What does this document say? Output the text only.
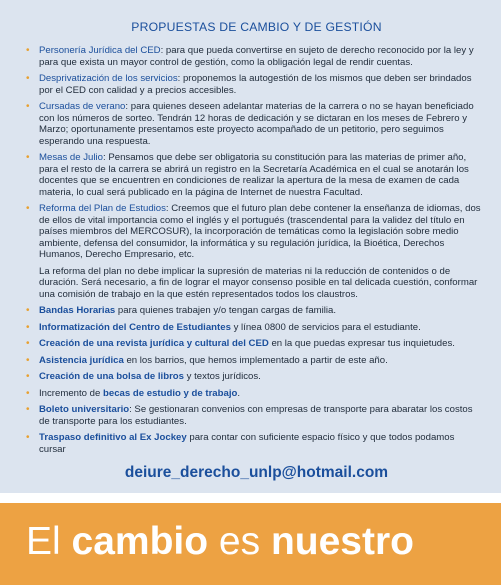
PROPUESTAS DE CAMBIO Y DE GESTIÓN
• Personería Jurídica del CED: para que pueda convertirse en sujeto de derecho reconocido por la ley y para que exista un mayor control de gestión, como la obligación legal de rendir cuentas.
• Desprivatización de los servicios: proponemos la autogestión de los mismos que deben ser brindados por el CED con calidad y a precios accesibles.
• Cursadas de verano: para quienes deseen adelantar materias de la carrera o no se hayan beneficiado con los números de sorteo. Tendrán 12 horas de dedicación y se dictaran en los meses de Febrero y Marzo; oportunamente presentamos este proyecto acompañado de un petitorio, pero seguimos esperando una respuesta.
• Mesas de Julio: Pensamos que debe ser obligatoria su constitución para las materias de primer año, para el resto de la carrera se abrirá un registro en la Secretaría Académica en el cual se anotarán los docentes que se encuentren en condiciones de realizar la apertura de la mesa de examen de cada materia, lo cual será publicado en la página de Internet de nuestra Facultad.
• Reforma del Plan de Estudios: Creemos que el futuro plan debe contener la enseñanza de idiomas, dos de ellos de vital importancia como el inglés y el portugués (trascendental para la validez del título en países miembros del MERCOSUR), la incorporación de temáticas como la legislación sobre medio ambiente, defensa del consumidor, la informática y su regulación jurídica, la Bioética, Derechos Humanos, Derecho Empresario, etc.
La reforma del plan no debe implicar la supresión de materias ni la reducción de contenidos o de duración. Será necesario, a fin de lograr el mayor consenso posible en tal delicada cuestión, conformar una comisión de trabajo en la que estén representados todos los claustros.
• Bandas Horarias para quienes trabajen y/o tengan cargas de familia.
• Informatización del Centro de Estudiantes y línea 0800 de servicios para el estudiante.
• Creación de una revista jurídica y cultural del CED en la que puedas expresar tus inquietudes.
• Asistencia jurídica en los barrios, que hemos implementado a partir de este año.
• Creación de una bolsa de libros y textos jurídicos.
• Incremento de becas de estudio y de trabajo.
• Boleto universitario: Se gestionaran convenios con empresas de transporte para abaratar los costos de transporte para los estudiantes.
• Traspaso definitivo al Ex Jockey para contar con suficiente espacio físico y que todos podamos cursar
deiure_derecho_unlp@hotmail.com
El cambio es nuestro
